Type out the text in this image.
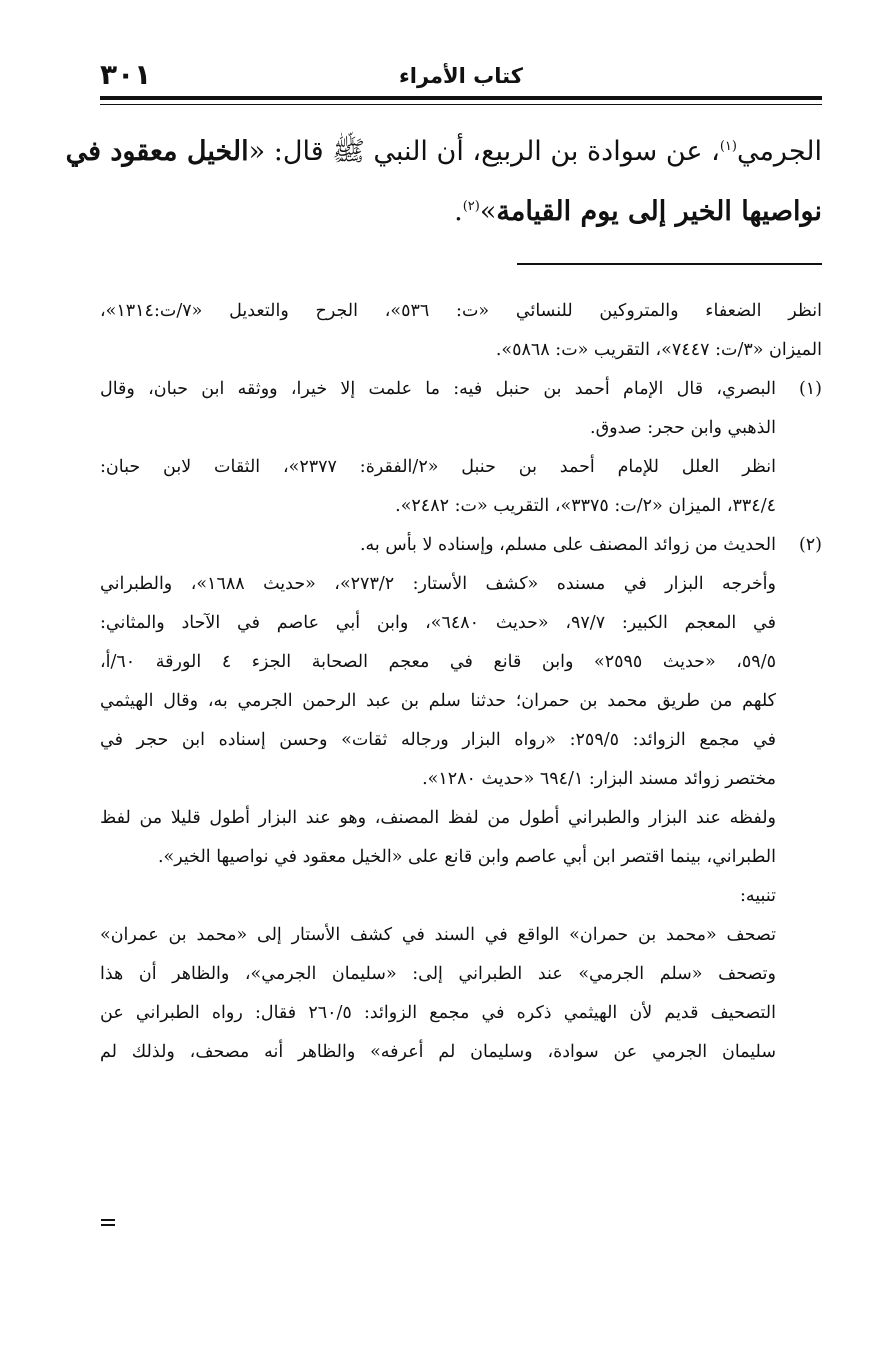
كتاب الأمراء
٣٠١
الجرمي$^{(١)}$، عن سوادة بن الربيع، أن النبي ﷺ قال: «الخيل معقود في
نواصيها الخير إلى يوم القيامة»$^{(٢)}$.
انظر الضعفاء والمتروكين للنسائي «ت: ٥٣٦»، الجرح والتعديل «٧/ت:١٣١٤»،
الميزان «٣/ت: ٧٤٤٧»، التقريب «ت: ٥٨٦٨».
البصري، قال الإمام أحمد بن حنبل فيه: ما علمت إلا خيرا، ووثقه ابن حبان، وقال	(١)
الذهبي وابن حجر: صدوق.
انظر العلل للإمام أحمد بن حنبل «٢/الفقرة: ٢٣٧٧»، الثقات لابن حبان:
٣٣٤/٤، الميزان «٢/ت: ٣٣٧٥»، التقريب «ت: ٢٤٨٢».
الحديث من زوائد المصنف على مسلم، وإسناده لا بأس به.	(٢)
وأخرجه البزار في مسنده «كشف الأستار: ٢٧٣/٢»، «حديث ١٦٨٨»، والطبراني
في المعجم الكبير: ٩٧/٧، «حديث ٦٤٨٠»، وابن أبي عاصم في الآحاد والمثاني:
٥٩/٥، «حديث ٢٥٩٥» وابن قانع في معجم الصحابة الجزء ٤ الورقة ٦٠/أ،
كلهم من طريق محمد بن حمران؛ حدثنا سلم بن عبد الرحمن الجرمي به، وقال الهيثمي
في مجمع الزوائد: ٢٥٩/٥: «رواه البزار ورجاله ثقات» وحسن إسناده ابن حجر في
مختصر زوائد مسند البزار: ٦٩٤/١ «حديث ١٢٨٠».
ولفظه عند البزار والطبراني أطول من لفظ المصنف، وهو عند البزار أطول قليلا من لفظ
الطبراني، بينما اقتصر ابن أبي عاصم وابن قانع على «الخيل معقود في نواصيها الخير».
تنبيه:
تصحف «محمد بن حمران» الواقع في السند في كشف الأستار إلى «محمد بن عمران»
وتصحف «سلم الجرمي» عند الطبراني إلى: «سليمان الجرمي»، والظاهر أن هذا
التصحيف قديم لأن الهيثمي ذكره في مجمع الزوائد: ٢٦٠/٥ فقال: رواه الطبراني عن
سليمان الجرمي عن سوادة، وسليمان لم أعرفه» والظاهر أنه مصحف، ولذلك لم
